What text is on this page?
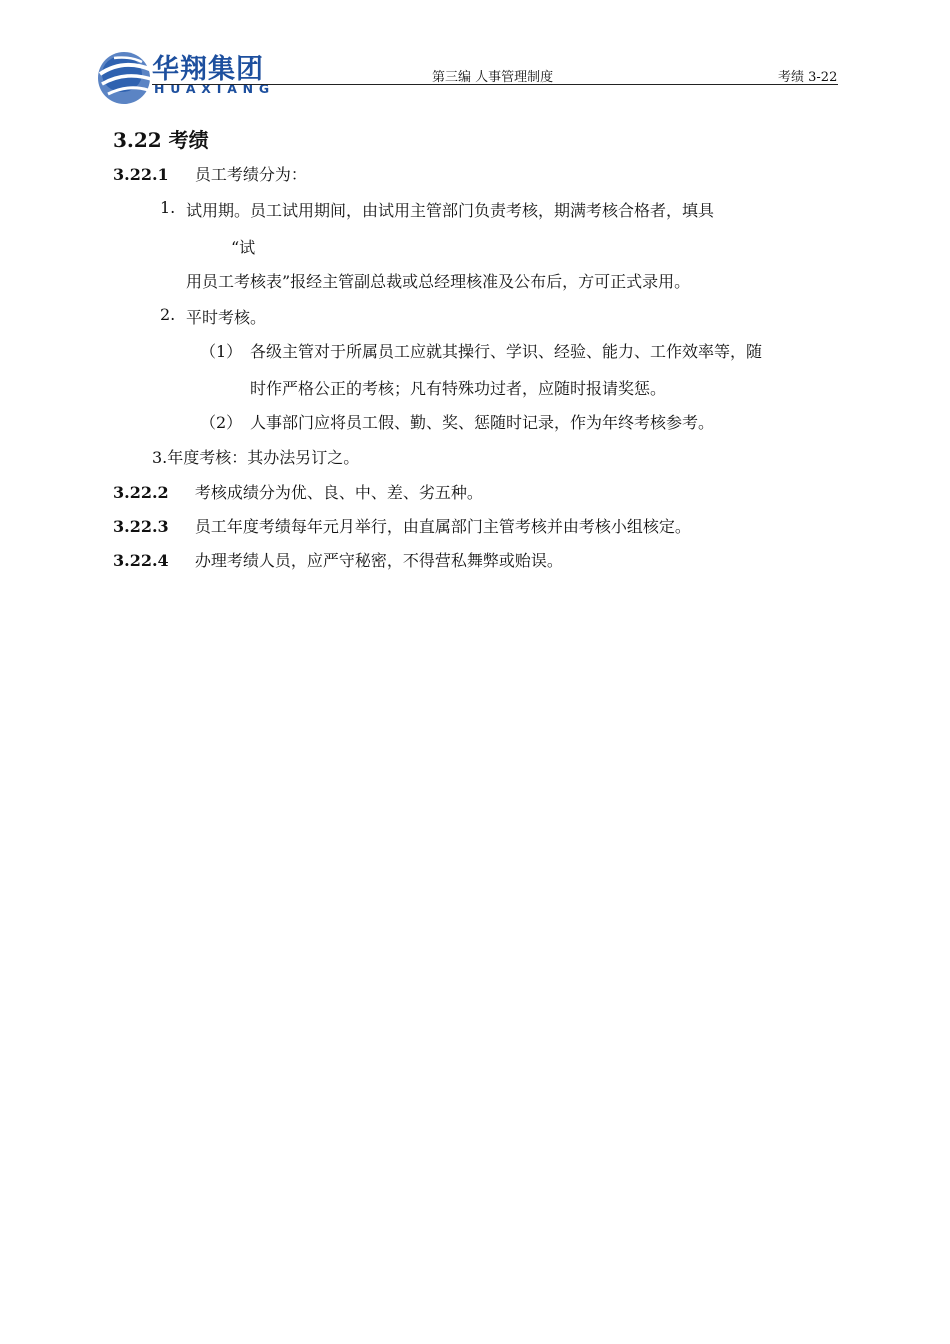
华翔集团
HUAXIANG
第三编 人事管理制度	考绩 3-22
3.22 考绩
3.22.1 员工考绩分为：
1. 试用期。员工试用期间，由试用主管部门负责考核，期满考核合格者，填具
“试
用员工考核表”报经主管副总裁或总经理核准及公布后，方可正式录用。
2. 平时考核。
（1） 各级主管对于所属员工应就其操行、学识、经验、能力、工作效率等，随
时作严格公正的考核；凡有特殊功过者，应随时报请奖惩。
（2） 人事部门应将员工假、勤、奖、惩随时记录，作为年终考核参考。
3.年度考核：其办法另订之。
3.22.2 考核成绩分为优、良、中、差、劣五种。
3.22.3 员工年度考绩每年元月举行，由直属部门主管考核并由考核小组核定。
3.22.4 办理考绩人员，应严守秘密，不得营私舞弊或贻误。
